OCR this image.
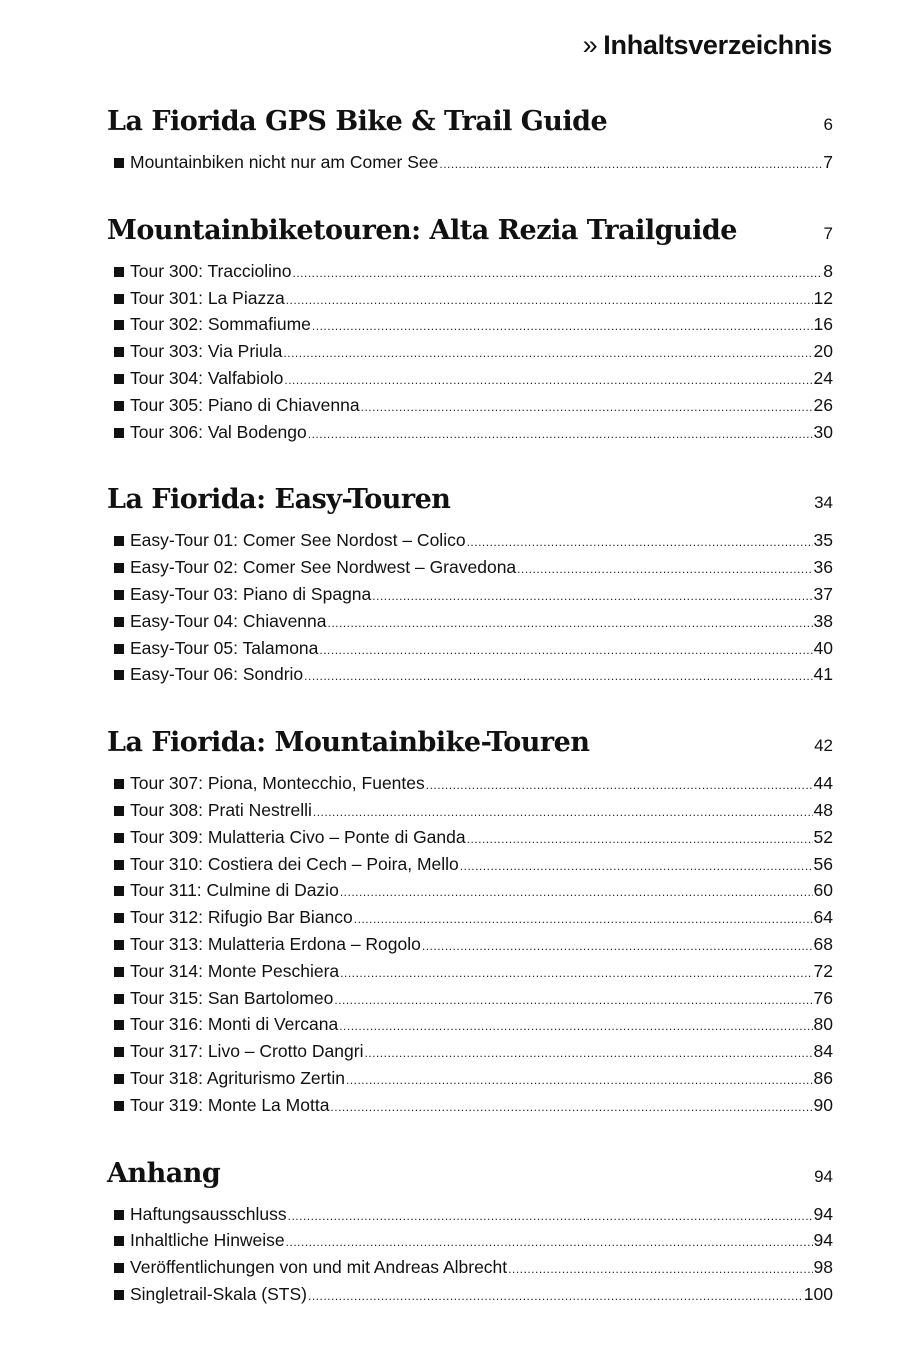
» Inhaltsverzeichnis
La Fiorida GPS Bike & Trail Guide	6
Mountainbiken nicht nur am Comer See .....	7
Mountainbiketouren: Alta Rezia Trailguide	7
Tour 300: Tracciolino .....	8
Tour 301: La Piazza .....	12
Tour 302: Sommafiume .....	16
Tour 303: Via Priula .....	20
Tour 304: Valfabiolo .....	24
Tour 305: Piano di Chiavenna .....	26
Tour 306: Val Bodengo .....	30
La Fiorida: Easy-Touren	34
Easy-Tour 01: Comer See Nordost – Colico .....	35
Easy-Tour 02: Comer See Nordwest – Gravedona .....	36
Easy-Tour 03: Piano di Spagna .....	37
Easy-Tour 04: Chiavenna .....	38
Easy-Tour 05: Talamona .....	40
Easy-Tour 06: Sondrio .....	41
La Fiorida: Mountainbike-Touren	42
Tour 307: Piona, Montecchio, Fuentes .....	44
Tour 308: Prati Nestrelli .....	48
Tour 309: Mulatteria Civo – Ponte di Ganda .....	52
Tour 310: Costiera dei Cech – Poira, Mello .....	56
Tour 311: Culmine di Dazio .....	60
Tour 312: Rifugio Bar Bianco .....	64
Tour 313: Mulatteria Erdona – Rogolo .....	68
Tour 314: Monte Peschiera .....	72
Tour 315: San Bartolomeo .....	76
Tour 316: Monti di Vercana .....	80
Tour 317: Livo – Crotto Dangri .....	84
Tour 318: Agriturismo Zertin .....	86
Tour 319: Monte La Motta .....	90
Anhang	94
Haftungsausschluss .....	94
Inhaltliche Hinweise .....	94
Veröffentlichungen von und mit Andreas Albrecht .....	98
Singletrail-Skala (STS) .....	100
